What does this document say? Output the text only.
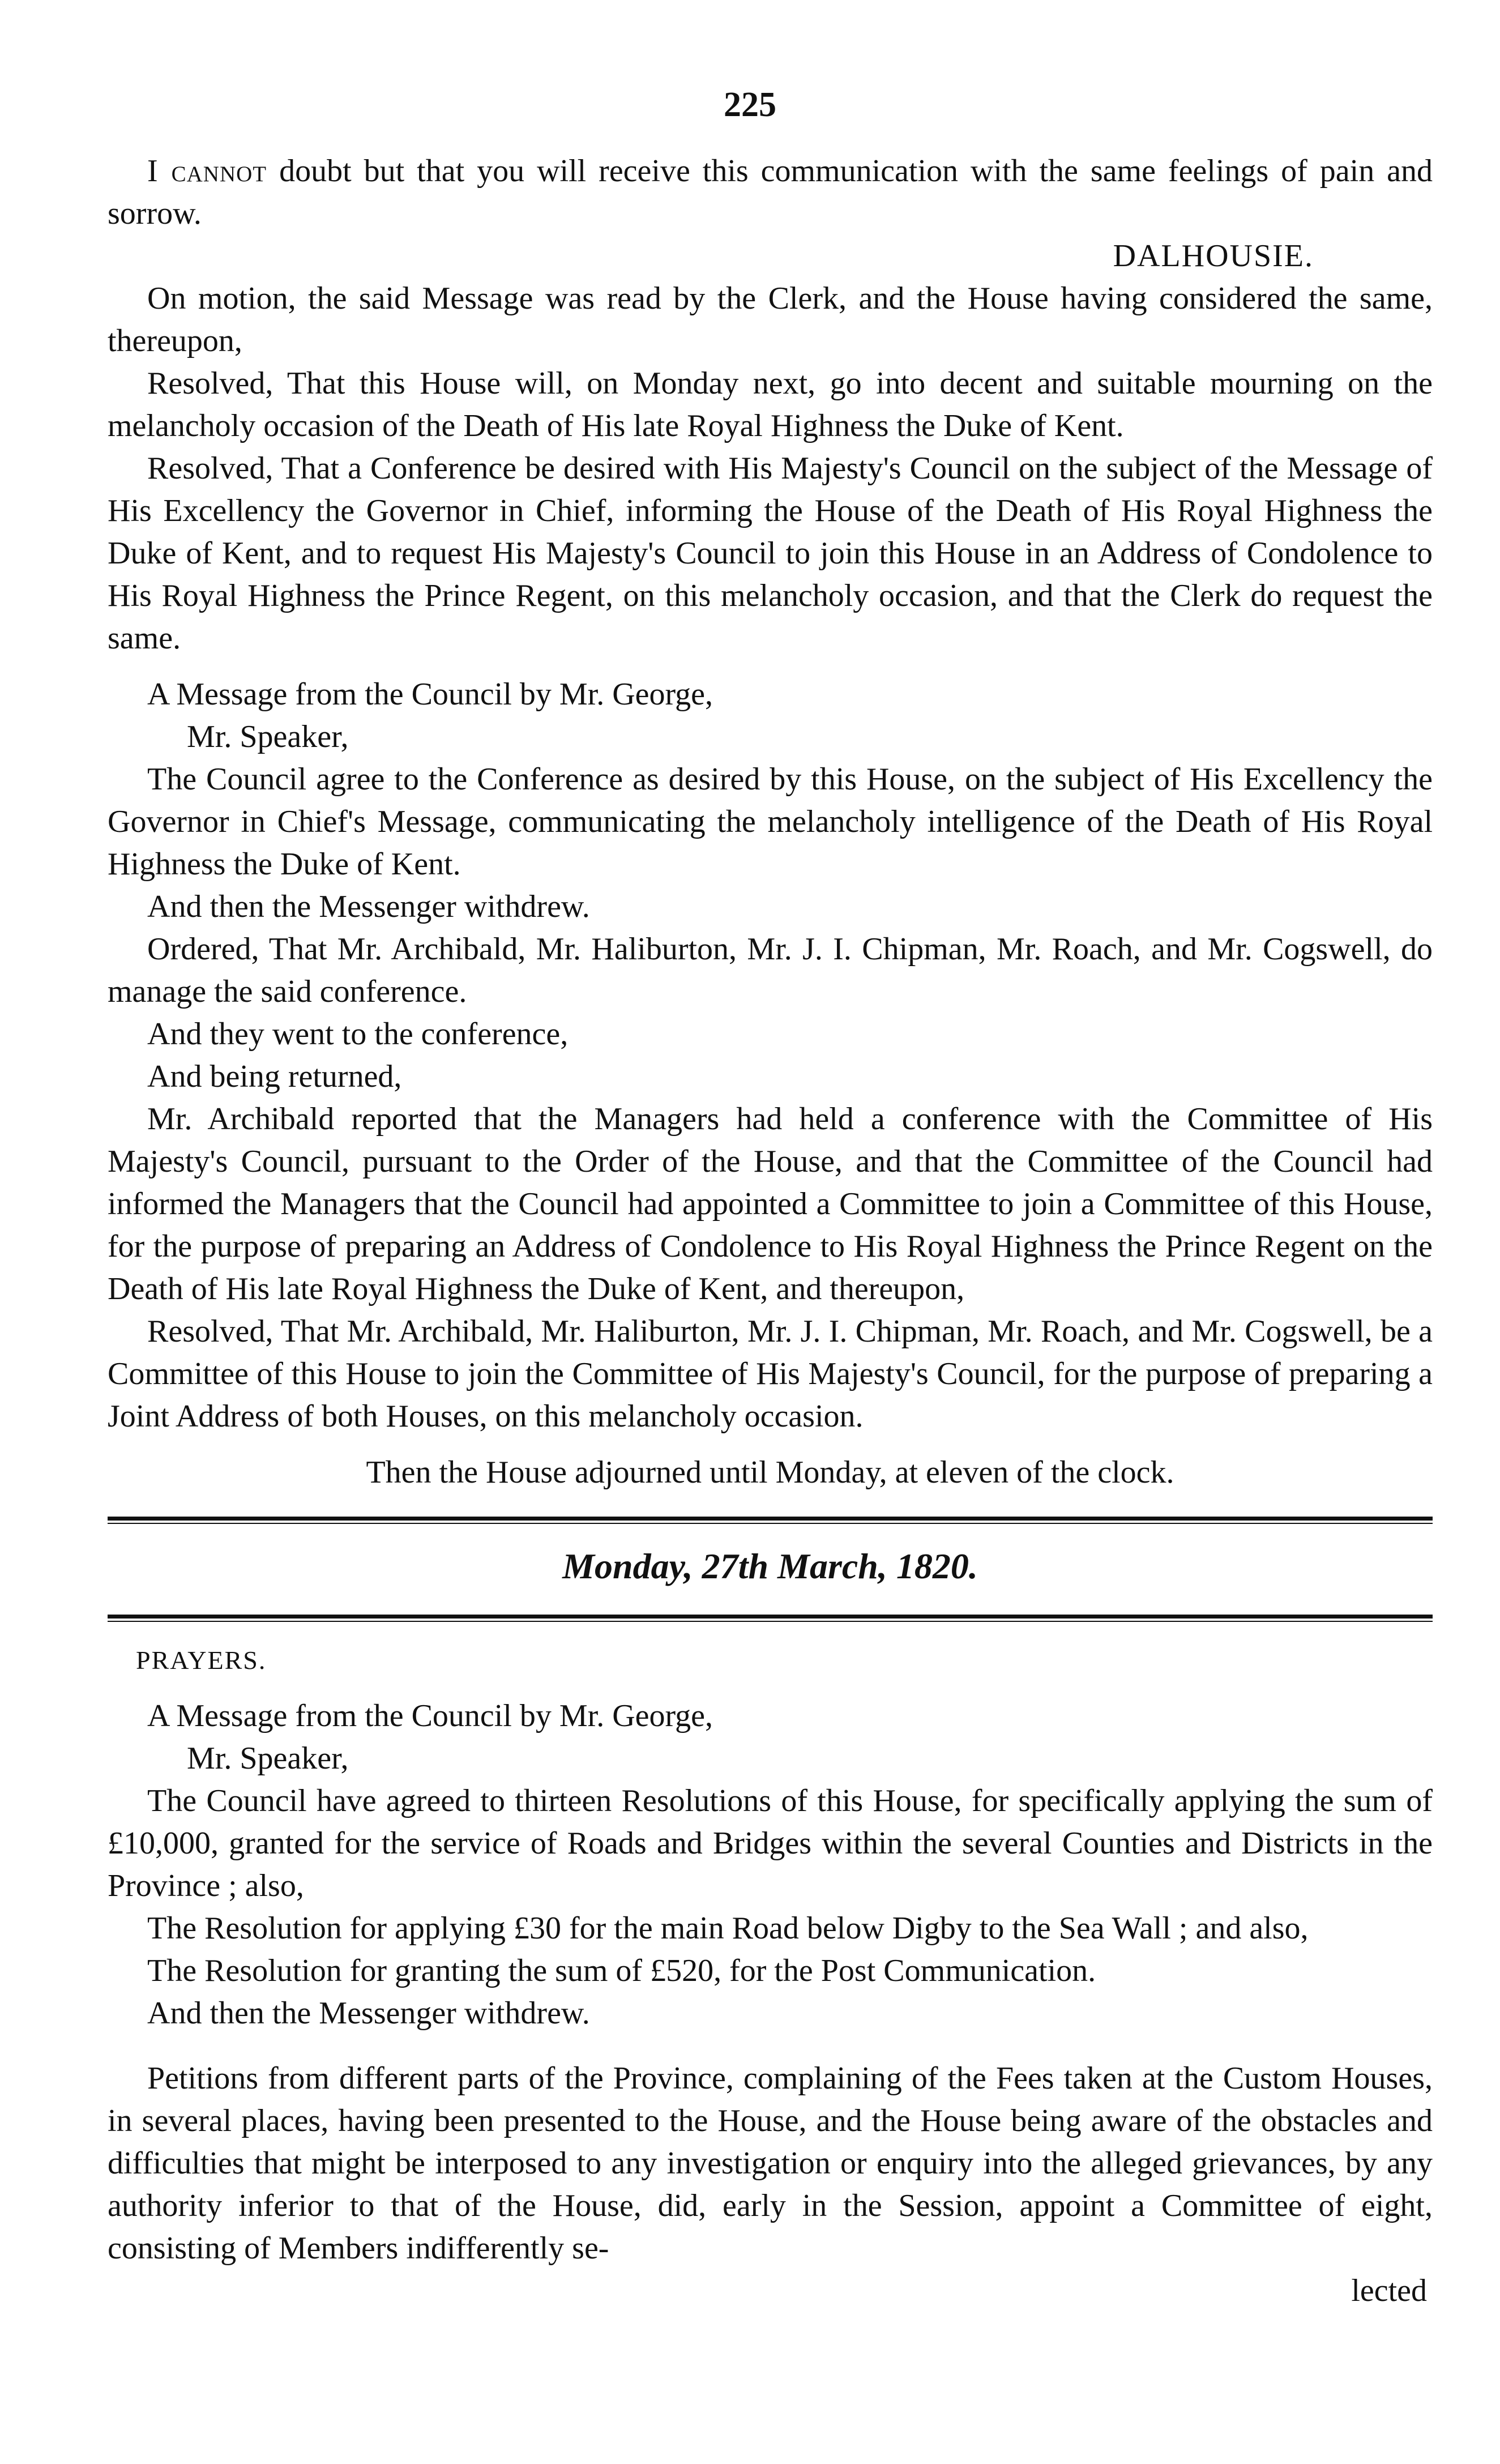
225

I cannot doubt but that you will receive this communication with the same feelings of pain and sorrow.

DALHOUSIE.

On motion, the said Message was read by the Clerk, and the House having considered the same, thereupon,

Resolved, That this House will, on Monday next, go into decent and suitable mourning on the melancholy occasion of the Death of His late Royal Highness the Duke of Kent.

Resolved, That a Conference be desired with His Majesty's Council on the subject of the Message of His Excellency the Governor in Chief, informing the House of the Death of His Royal Highness the Duke of Kent, and to request His Majesty's Council to join this House in an Address of Condolence to His Royal Highness the Prince Regent, on this melancholy occasion, and that the Clerk do request the same.

A Message from the Council by Mr. George,

Mr. Speaker,

The Council agree to the Conference as desired by this House, on the subject of His Excellency the Governor in Chief's Message, communicating the melancholy intelligence of the Death of His Royal Highness the Duke of Kent.

And then the Messenger withdrew.

Ordered, That Mr. Archibald, Mr. Haliburton, Mr. J. I. Chipman, Mr. Roach, and Mr. Cogswell, do manage the said conference.

And they went to the conference,

And being returned,

Mr. Archibald reported that the Managers had held a conference with the Committee of His Majesty's Council, pursuant to the Order of the House, and that the Committee of the Council had informed the Managers that the Council had appointed a Committee to join a Committee of this House, for the purpose of preparing an Address of Condolence to His Royal Highness the Prince Regent on the Death of His late Royal Highness the Duke of Kent, and thereupon,

Resolved, That Mr. Archibald, Mr. Haliburton, Mr. J. I. Chipman, Mr. Roach, and Mr. Cogswell, be a Committee of this House to join the Committee of His Majesty's Council, for the purpose of preparing a Joint Address of both Houses, on this melancholy occasion.

Then the House adjourned until Monday, at eleven of the clock.

Monday, 27th March, 1820.

PRAYERS.

A Message from the Council by Mr. George,

Mr. Speaker,

The Council have agreed to thirteen Resolutions of this House, for specifically applying the sum of £10,000, granted for the service of Roads and Bridges within the several Counties and Districts in the Province ; also,

The Resolution for applying £30 for the main Road below Digby to the Sea Wall ; and also,

The Resolution for granting the sum of £520, for the Post Communication.

And then the Messenger withdrew.

Petitions from different parts of the Province, complaining of the Fees taken at the Custom Houses, in several places, having been presented to the House, and the House being aware of the obstacles and difficulties that might be interposed to any investigation or enquiry into the alleged grievances, by any authority inferior to that of the House, did, early in the Session, appoint a Committee of eight, consisting of Members indifferently se-

lected
